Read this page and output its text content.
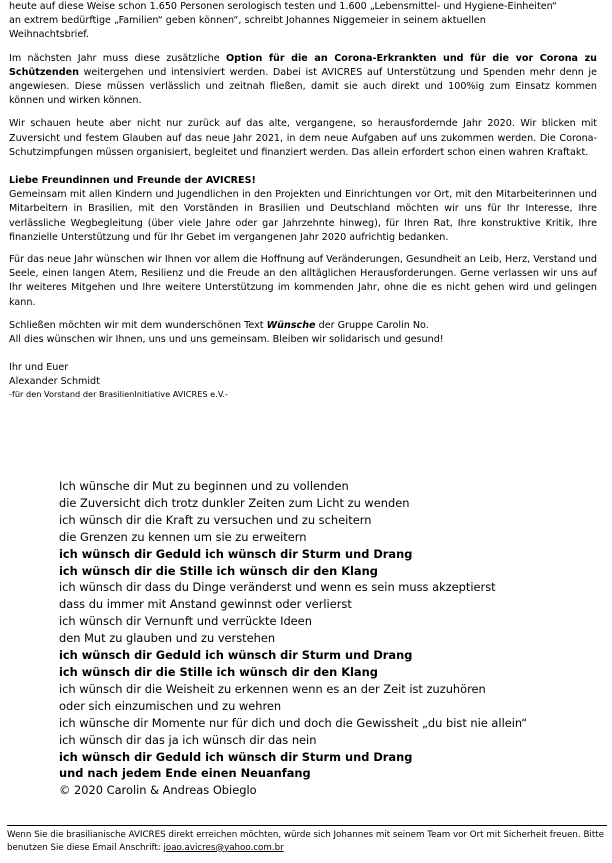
heute auf diese Weise schon 1.650 Personen serologisch testen und 1.600 „Lebensmittel- und Hygiene-Einheiten“
an extrem bedürftige „Familien“ geben können“, schreibt Johannes Niggemeier in seinem aktuellen
Weihnachtsbrief.

Im nächsten Jahr muss diese zusätzliche Option für die an Corona-Erkrankten und für die vor Corona zu Schützenden weitergehen und intensiviert werden. Dabei ist AVICRES auf Unterstützung und Spenden mehr denn je angewiesen. Diese müssen verlässlich und zeitnah fließen, damit sie auch direkt und 100%ig zum Einsatz kommen können und wirken können.

Wir schauen heute aber nicht nur zurück auf das alte, vergangene, so herausfordernde Jahr 2020. Wir blicken mit Zuversicht und festem Glauben auf das neue Jahr 2021, in dem neue Aufgaben auf uns zukommen werden. Die Corona-Schutzimpfungen müssen organisiert, begleitet und finanziert werden. Das allein erfordert schon einen wahren Kraftakt.

Liebe Freundinnen und Freunde der AVICRES!
Gemeinsam mit allen Kindern und Jugendlichen in den Projekten und Einrichtungen vor Ort, mit den Mitarbeiterinnen und Mitarbeitern in Brasilien, mit den Vorständen in Brasilien und Deutschland möchten wir uns für Ihr Interesse, Ihre verlässliche Wegbegleitung (über viele Jahre oder gar Jahrzehnte hinweg), für Ihren Rat, Ihre konstruktive Kritik, Ihre finanzielle Unterstützung und für Ihr Gebet im vergangenen Jahr 2020 aufrichtig bedanken.

Für das neue Jahr wünschen wir Ihnen vor allem die Hoffnung auf Veränderungen, Gesundheit an Leib, Herz, Verstand und Seele, einen langen Atem, Resilienz und die Freude an den alltäglichen Herausforderungen. Gerne verlassen wir uns auf Ihr weiteres Mitgehen und Ihre weitere Unterstützung im kommenden Jahr, ohne die es nicht gehen wird und gelingen kann.

Schließen möchten wir mit dem wunderschönen Text Wünsche der Gruppe Carolin No.
All dies wünschen wir Ihnen, uns und uns gemeinsam. Bleiben wir solidarisch und gesund!
Ihr und Euer
Alexander Schmidt
-für den Vorstand der BrasilienInitiative AVICRES e.V.-
Ich wünsche dir Mut zu beginnen und zu vollenden
die Zuversicht dich trotz dunkler Zeiten zum Licht zu wenden
ich wünsch dir die Kraft zu versuchen und zu scheitern
die Grenzen zu kennen um sie zu erweitern
ich wünsch dir Geduld ich wünsch dir Sturm und Drang
ich wünsch dir die Stille ich wünsch dir den Klang
ich wünsch dir dass du Dinge veränderst und wenn es sein muss akzeptierst
dass du immer mit Anstand gewinnst oder verlierst
ich wünsch dir Vernunft und verrückte Ideen
den Mut zu glauben und zu verstehen
ich wünsch dir Geduld ich wünsch dir Sturm und Drang
ich wünsch dir die Stille ich wünsch dir den Klang
ich wünsch dir die Weisheit zu erkennen wenn es an der Zeit ist zuzuhören
oder sich einzumischen und zu wehren
ich wünsche dir Momente nur für dich und doch die Gewissheit „du bist nie allein“
ich wünsch dir das ja ich wünsch dir das nein
ich wünsch dir Geduld ich wünsch dir Sturm und Drang
und nach jedem Ende einen Neuanfang
© 2020 Carolin & Andreas Obieglo
Wenn Sie die brasilianische AVICRES direkt erreichen möchten, würde sich Johannes mit seinem Team vor Ort mit Sicherheit freuen. Bitte benutzen Sie diese Email Anschrift: joao.avicres@yahoo.com.br
